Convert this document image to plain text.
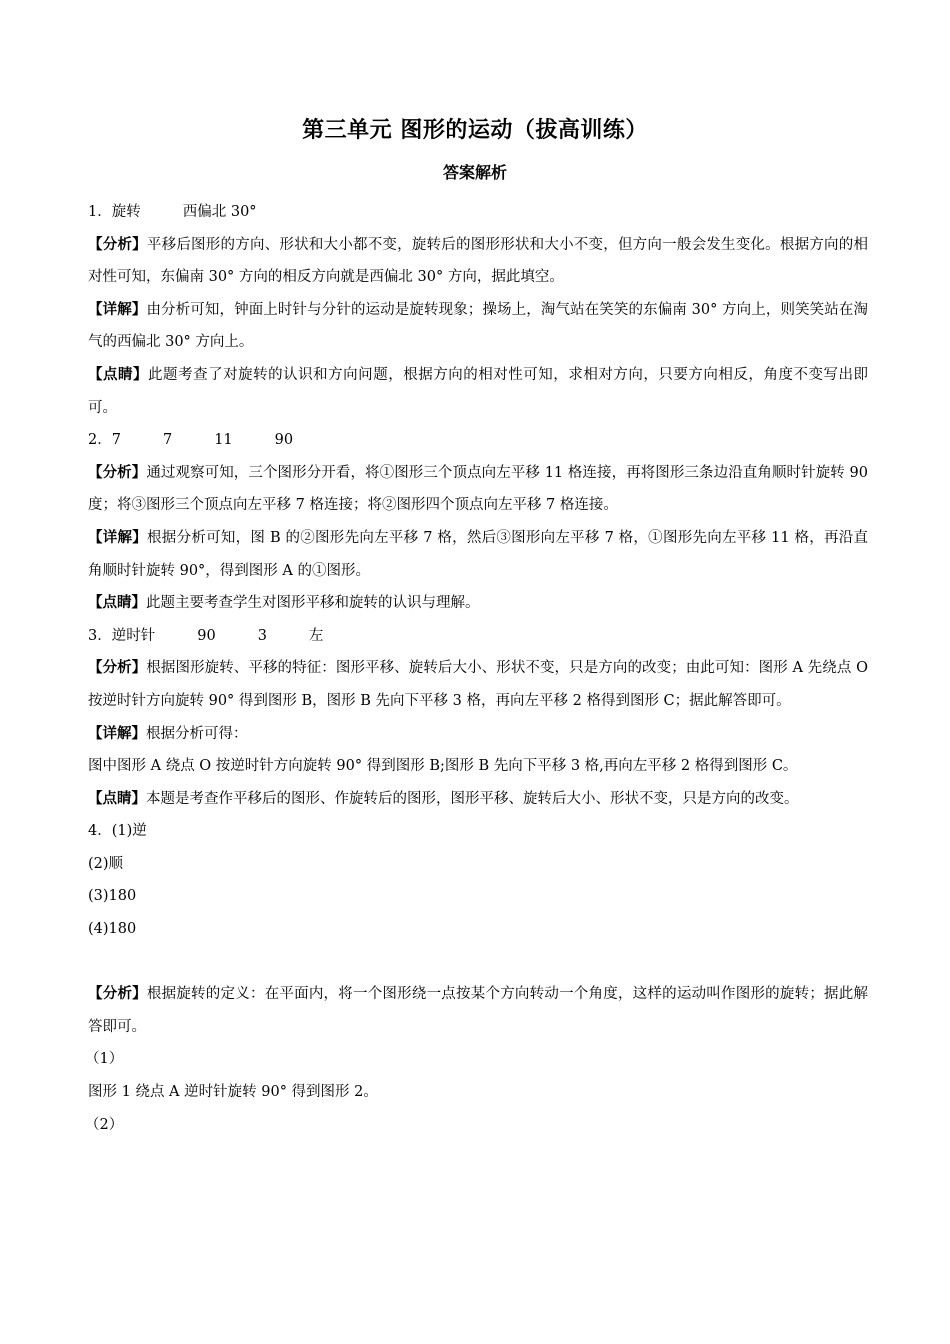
第三单元 图形的运动（拔高训练）
答案解析
1．旋转	西偏北 30°
【分析】平移后图形的方向、形状和大小都不变，旋转后的图形形状和大小不变，但方向一般会发生变化。根据方向的相对性可知，东偏南 30° 方向的相反方向就是西偏北 30° 方向，据此填空。
【详解】由分析可知，钟面上时针与分针的运动是旋转现象；操场上，淘气站在笑笑的东偏南 30° 方向上，则笑笑站在淘气的西偏北 30° 方向上。
【点睛】此题考查了对旋转的认识和方向问题，根据方向的相对性可知，求相对方向，只要方向相反，角度不变写出即可。
2．7	7	11	90
【分析】通过观察可知，三个图形分开看，将①图形三个顶点向左平移 11 格连接，再将图形三条边沿直角顺时针旋转 90 度；将③图形三个顶点向左平移 7 格连接；将②图形四个顶点向左平移 7 格连接。
【详解】根据分析可知，图 B 的②图形先向左平移 7 格，然后③图形向左平移 7 格，①图形先向左平移 11 格，再沿直角顺时针旋转 90°，得到图形 A 的①图形。
【点睛】此题主要考查学生对图形平移和旋转的认识与理解。
3．逆时针	90	3	左
【分析】根据图形旋转、平移的特征：图形平移、旋转后大小、形状不变，只是方向的改变；由此可知：图形 A 先绕点 O 按逆时针方向旋转 90° 得到图形 B，图形 B 先向下平移 3 格，再向左平移 2 格得到图形 C；据此解答即可。
【详解】根据分析可得：
图中图形 A 绕点 O 按逆时针方向旋转 90° 得到图形 B;图形 B 先向下平移 3 格,再向左平移 2 格得到图形 C。
【点睛】本题是考查作平移后的图形、作旋转后的图形，图形平移、旋转后大小、形状不变，只是方向的改变。
4．(1)逆
(2)顺
(3)180
(4)180
【分析】根据旋转的定义：在平面内，将一个图形绕一点按某个方向转动一个角度，这样的运动叫作图形的旋转；据此解答即可。
（1）
图形 1 绕点 A 逆时针旋转 90° 得到图形 2。
（2）
